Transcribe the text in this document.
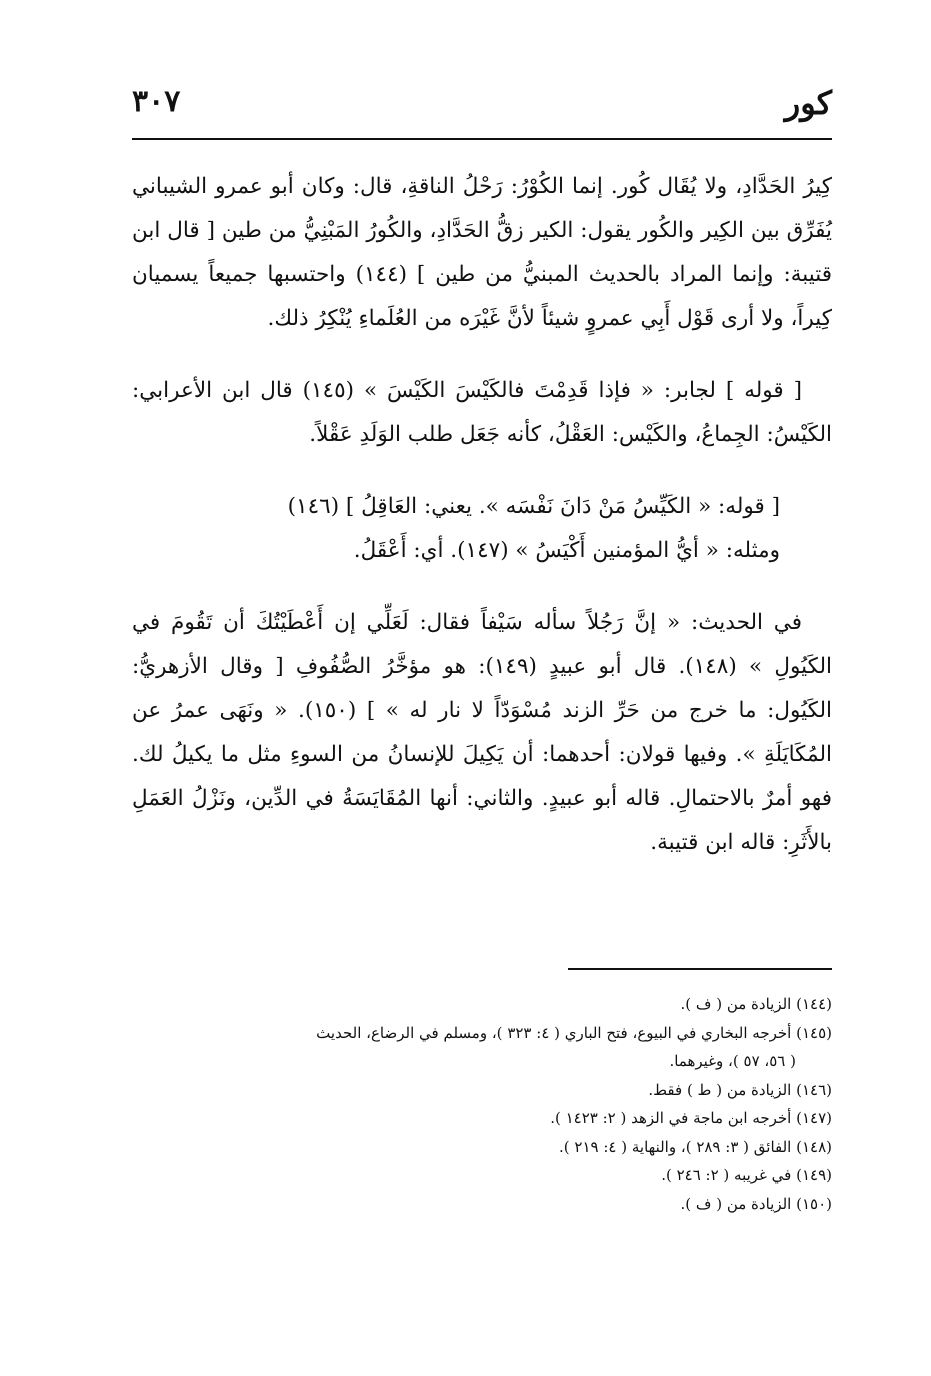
كور
٣٠٧

كِيرُ الحَدَّادِ، ولا يُقَال كُور. إنما الكُوْرُ: رَحْلُ الناقةِ، قال: وكان أبو عمرو الشيباني يُفَرِّق بين الكِير والكُور يقول: الكير زقُّ الحَدَّادِ، والكُورُ المَبْنِيُّ من طين [ قال ابن قتيبة: وإنما المراد بالحديث المبنيُّ من طين ] (١٤٤) واحتسبها جميعاً يسميان كِيراً، ولا أرى قَوْل أَبِي عمروٍ شيئاً لأنَّ غَيْرَه من العُلَماءِ يُنْكِرُ ذلك.

[ قوله ] لجابر: « فإذا قَدِمْتَ فالكَيْسَ الكَيْسَ » (١٤٥) قال ابن الأعرابي: الكَيْسُ: الجِماعُ، والكَيْس: العَقْلُ، كأنه جَعَل طلب الوَلَدِ عَقْلاً.

[ قوله: « الكَيِّسُ مَنْ دَانَ نَفْسَه ». يعني: العَاقِلُ ] (١٤٦)

ومثله: « أيُّ المؤمنين أَكْيَسُ » (١٤٧). أي: أَعْقَلُ.

في الحديث: « إنَّ رَجُلاً سأله سَيْفاً فقال: لَعَلِّي إن أَعْطَيْتُكَ أن تَقُومَ في الكَيُولِ » (١٤٨). قال أبو عبيدٍ (١٤٩): هو مؤخَّرُ الصُّفُوفِ [ وقال الأزهريُّ: الكَيُول: ما خرج من حَرِّ الزند مُسْوَدّاً لا نار له » ] (١٥٠). « ونَهَى عمرُ عن المُكَايَلَةِ ». وفيها قولان: أحدهما: أن يَكِيلَ للإنسانُ من السوءِ مثل ما يكيلُ لك. فهو أمرٌ بالاحتمالِ. قاله أبو عبيدٍ. والثاني: أنها المُقَايَسَةُ في الدِّين، ونَزْلُ العَمَلِ بالأَثَرِ: قاله ابن قتيبة.

(١٤٤) الزيادة من ( ف ).

(١٤٥) أخرجه البخاري في البيوع، فتح الباري ( ٤: ٣٢٣ )، ومسلم في الرضاع، الحديث

( ٥٦، ٥٧ )، وغيرهما.

(١٤٦) الزيادة من ( ط ) فقط.

(١٤٧) أخرجه ابن ماجة في الزهد ( ٢: ١٤٢٣ ).

(١٤٨) الفائق ( ٣: ٢٨٩ )، والنهاية ( ٤: ٢١٩ ).

(١٤٩) في غريبه ( ٢: ٢٤٦ ).

(١٥٠) الزيادة من ( ف ).
